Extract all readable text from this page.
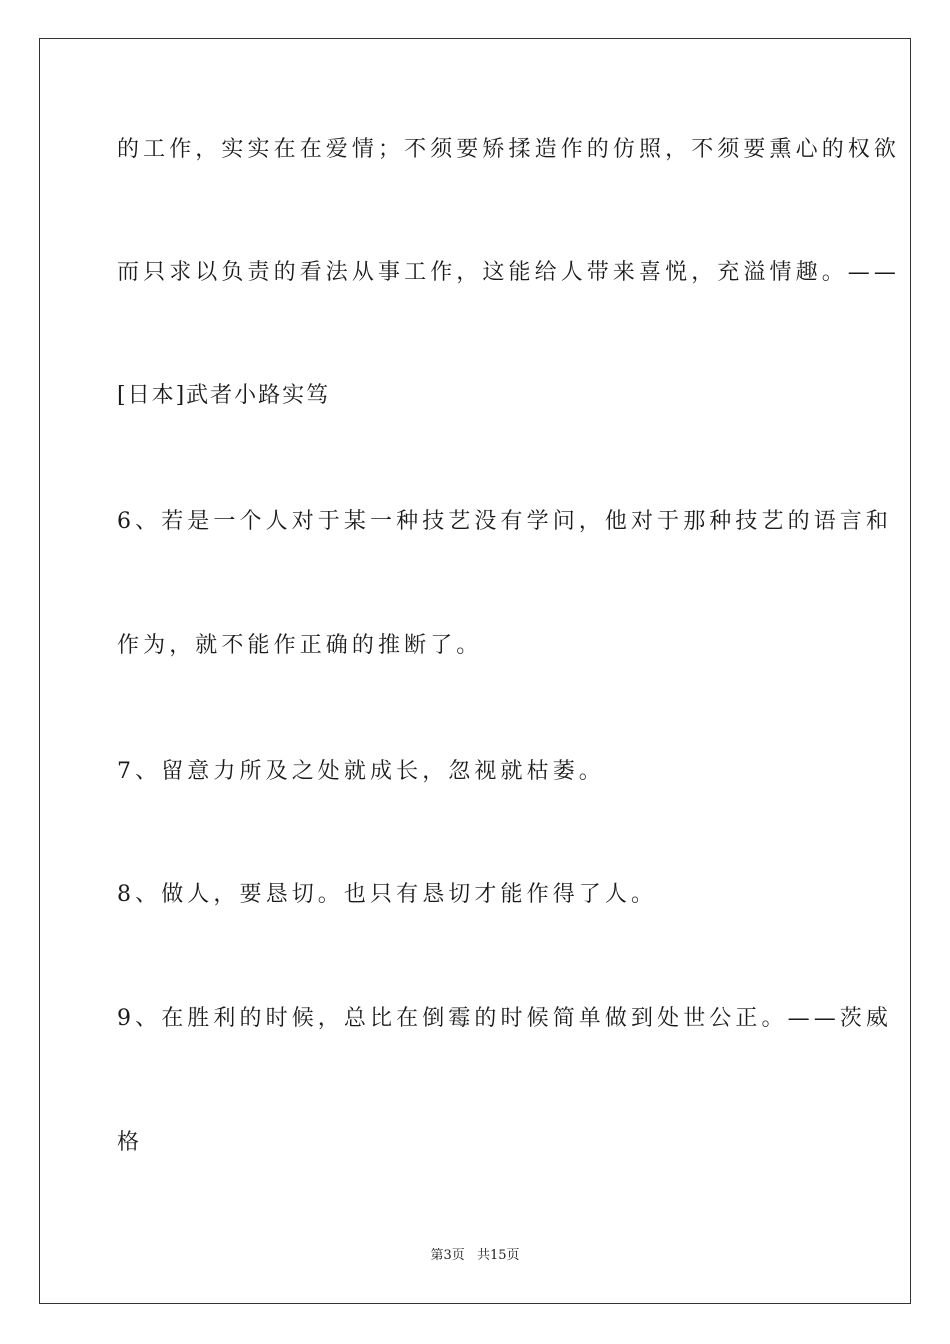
的工作，实实在在爱情；不须要矫揉造作的仿照，不须要熏心的权欲
而只求以负责的看法从事工作，这能给人带来喜悦，充溢情趣。——
[日本]武者小路实笃
6、若是一个人对于某一种技艺没有学问，他对于那种技艺的语言和
作为，就不能作正确的推断了。
7、留意力所及之处就成长，忽视就枯萎。
8、做人，要恳切。也只有恳切才能作得了人。
9、在胜利的时候，总比在倒霉的时候简单做到处世公正。——茨威
格
第3页 共15页
